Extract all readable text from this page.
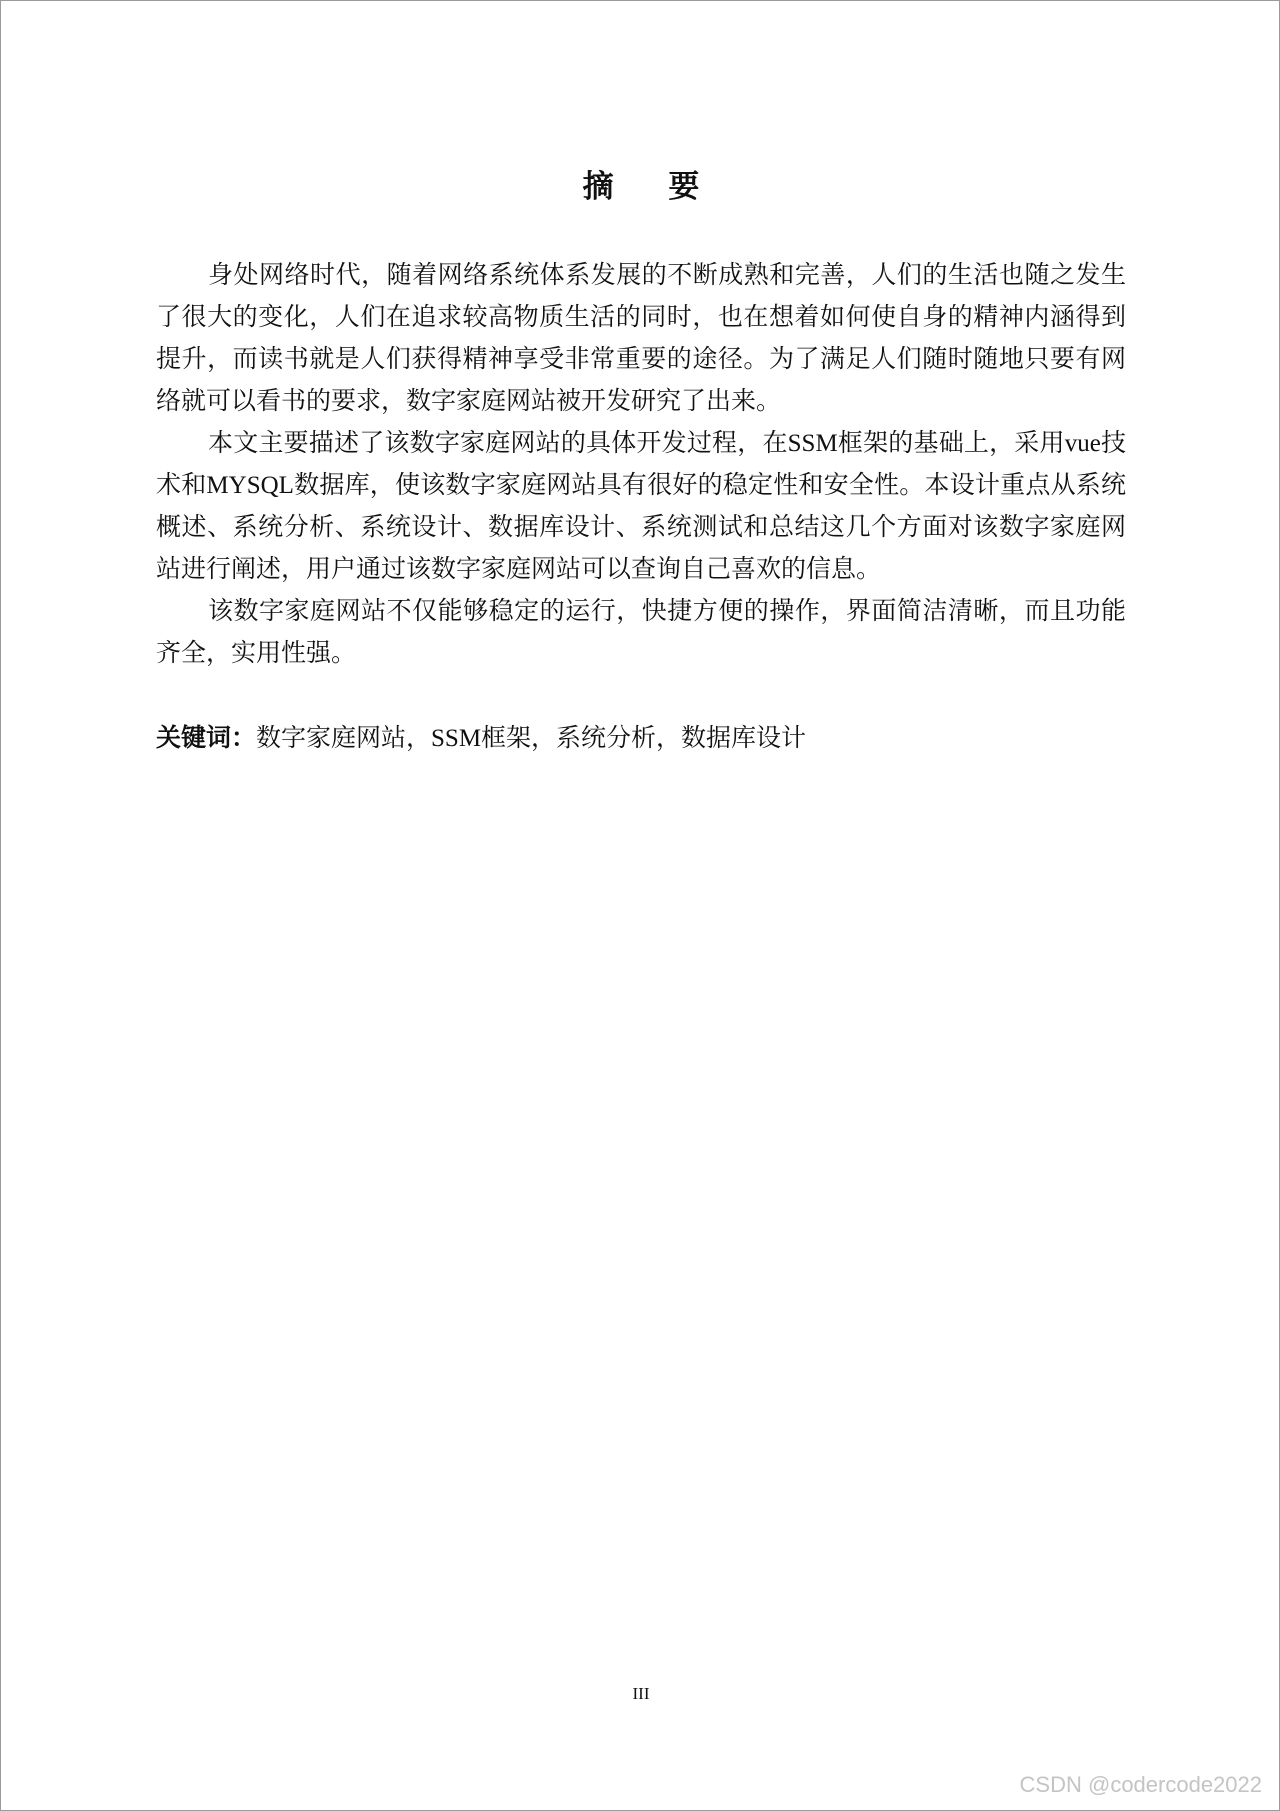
摘 要

身处网络时代，随着网络系统体系发展的不断成熟和完善，人们的生活也随之发生了很大的变化，人们在追求较高物质生活的同时，也在想着如何使自身的精神内涵得到提升，而读书就是人们获得精神享受非常重要的途径。为了满足人们随时随地只要有网络就可以看书的要求，数字家庭网站被开发研究了出来。

本文主要描述了该数字家庭网站的具体开发过程，在SSM框架的基础上，采用vue技术和MYSQL数据库，使该数字家庭网站具有很好的稳定性和安全性。本设计重点从系统概述、系统分析、系统设计、数据库设计、系统测试和总结这几个方面对该数字家庭网站进行阐述，用户通过该数字家庭网站可以查询自己喜欢的信息。

该数字家庭网站不仅能够稳定的运行，快捷方便的操作，界面简洁清晰，而且功能齐全，实用性强。

关键词：数字家庭网站，SSM框架，系统分析，数据库设计
III
CSDN @codercode2022
